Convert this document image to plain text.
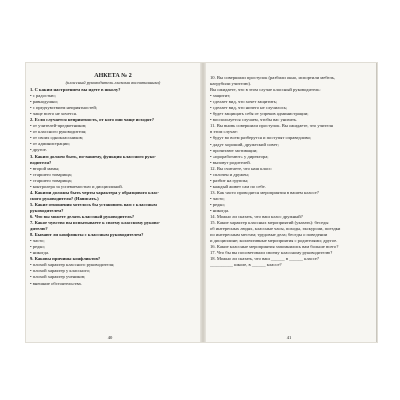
АНКЕТА № 2
(классный руководитель глазами воспитанника)
1. С каким настроением вы идете в школу?
• с радостью;
• равнодушно;
• с предчувствием неприятностей;
• чаще всего не хочется.
2. Если случается неприятность, от кого они чаще исходят?
• от учителей-предметников;
• от классного руководителя;
• от своих одноклассников;
• от администрации;
• другое.
3. Каким должен быть, по-вашему, функция классного руко-
водителя?
• второй мамы;
• старшего товарища;
• старшего товарища;
• контролера за успеваемостью и дисциплиной.
4. Какими должны быть черты характера у образцового клас-
сного руководителя? (Написать.)
5. Какие отношения хотелось бы установить вам с классным
руководителем?
6. Что вы можете делать классный руководитель?
7. Какое чувство вы испытываете к своему классному руково-
дителю?
8. Бывают ли конфликты с классным руководителем?
• часто;
• редко;
• никогда.
9. Каковы причины конфликтов?
• плохой характер классного руководителя;
• плохой характер у классного;
• плохой характер учеников;
• внешние обстоятельства.
40
10. Вы совершили проступок (разбили окно, испортили мебель,
нагрубили учителю).
Вы ожидаете, что в этом случае классный руководитель:
• защитит;
• сделает вид, что хочет защитить;
• сделает вид, что ничего не случилось;
• будет защищать себя от упреков администрации;
• воспользуется случаем, чтобы вас унизить.
11. Вы вновь совершили проступок. Вы ожидаете, что учителя
в этом случае:
• будут во всем разберутся и поступят справедливо;
• дадут хороший, дружеский совет;
• прочитают мотивации;
• «проработают» у директора;
• вызовут родителей.
12. Вы считаете, что наш класс:
• сплочен и дружен;
• разбит на группы;
• каждый живет сам по себе.
13. Как часто проводятся мероприятия в вашем классе?
• часто;
• редко;
• никогда.
14. Можно ли сказать, что ваш класс дружный?
15. Какие характер классных мероприятий (указать): беседы
об интересных людях, классные часы, походы, экскурсии, поездки
по интересным местам; трудовые дела; беседы о поведении
и дисциплине; коллективные мероприятия с родителями; другое.
16. Какие классные мероприятия запомнились вам больше всего?
17. Что бы вы посоветовали своему классному руководителю?
18. Можно ли сказать, что ваш ______ в ______ классе?
__________ школе, в ______ классе?
41
